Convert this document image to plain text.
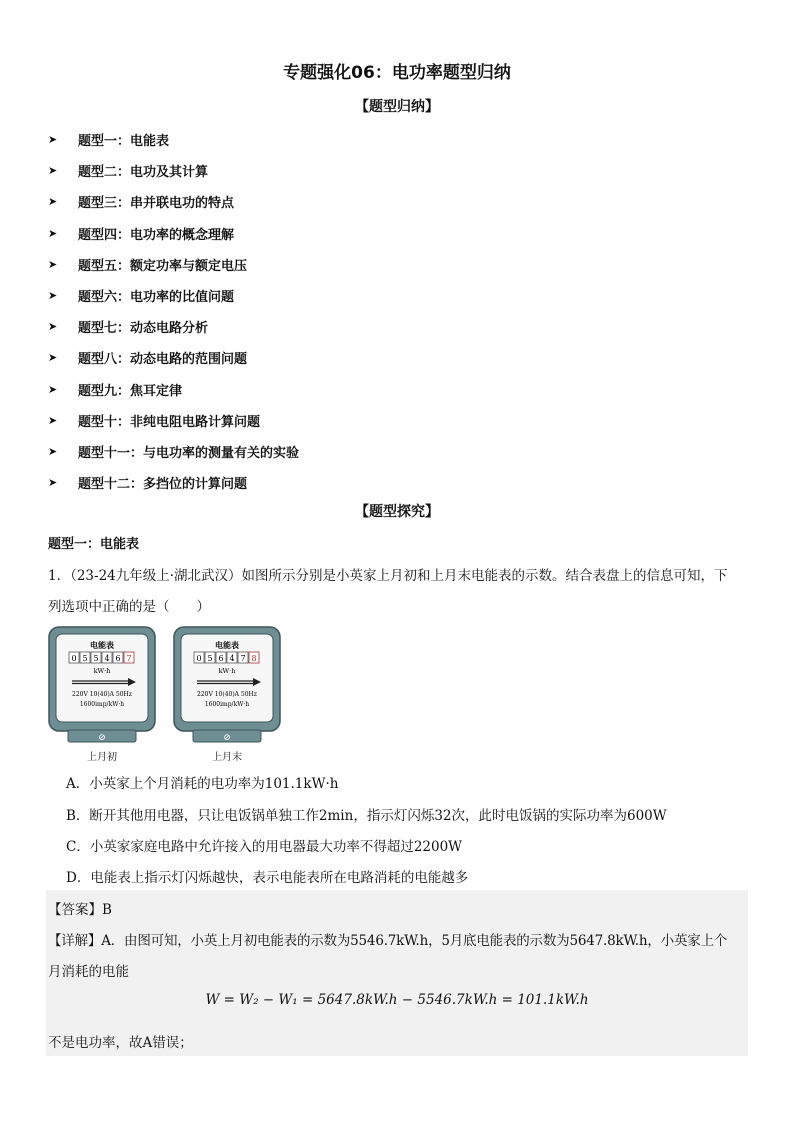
专题强化06：电功率题型归纳
【题型归纳】
➤	题型一：电能表
➤	题型二：电功及其计算
➤	题型三：串并联电功的特点
➤	题型四：电功率的概念理解
➤	题型五：额定功率与额定电压
➤	题型六：电功率的比值问题
➤	题型七：动态电路分析
➤	题型八：动态电路的范围问题
➤	题型九：焦耳定律
➤	题型十：非纯电阻电路计算问题
➤	题型十一：与电功率的测量有关的实验
➤	题型十二：多挡位的计算问题
【题型探究】
题型一：电能表
1．（23-24九年级上·湖北武汉）如图所示分别是小英家上月初和上月末电能表的示数。结合表盘上的信息可知，下
列选项中正确的是（　　）
电能表
0 5 5 4 6 7
kW·h
220V 10(40)A 50Hz
1600imp/kW·h
⊘
上月初
电能表
0 5 6 4 7 8
kW·h
220V 10(40)A 50Hz
1600imp/kW·h
⊘
上月末
A．小英家上个月消耗的电功率为101.1kW·h
B．断开其他用电器，只让电饭锅单独工作2min，指示灯闪烁32次，此时电饭锅的实际功率为600W
C．小英家家庭电路中允许接入的用电器最大功率不得超过2200W
D．电能表上指示灯闪烁越快，表示电能表所在电路消耗的电能越多
【答案】B
【详解】A．由图可知，小英上月初电能表的示数为5546.7kW.h，5月底电能表的示数为5647.8kW.h，小英家上个
月消耗的电能
W = W₂ − W₁ = 5647.8kW.h − 5546.7kW.h = 101.1kW.h
不是电功率，故A错误；
